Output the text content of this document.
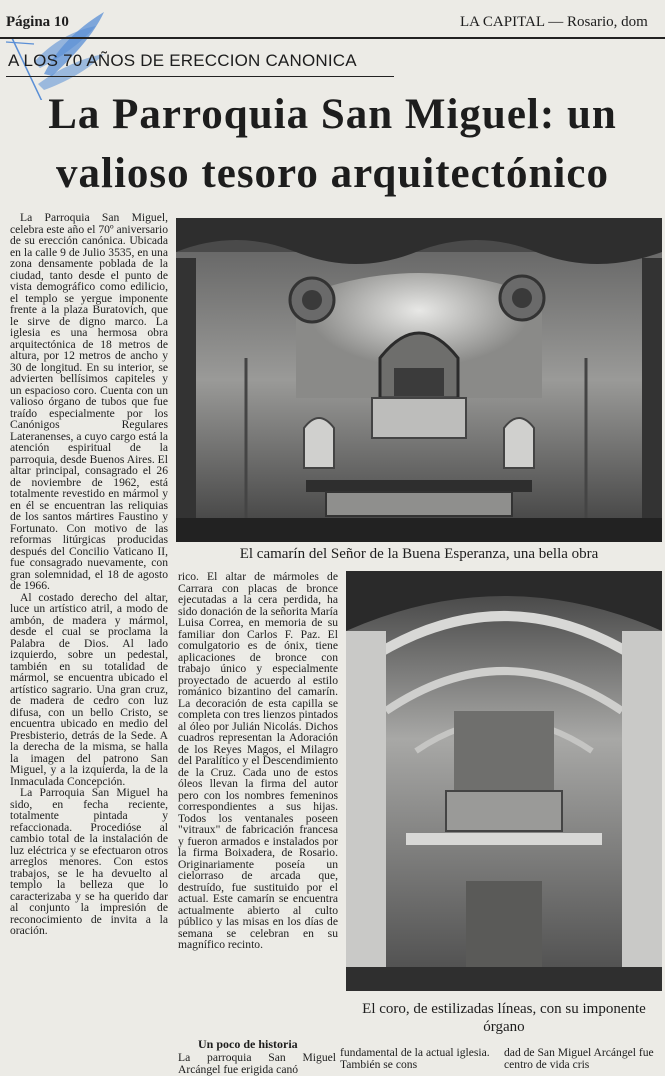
Página 10	LA CAPITAL — Rosario, dom
A LOS 70 AÑOS DE ERECCION CANONICA
La Parroquia San Miguel: un
valioso tesoro arquitectónico

La Parroquia San Miguel, celebra este año el 70º aniversario de su erección canónica. Ubicada en la calle 9 de Julio 3535, en una zona densamente poblada de la ciudad, tanto desde el punto de vista demográfico como edilicio, el templo se yergue imponente frente a la plaza Buratovich, que le sirve de digno marco. La iglesia es una hermosa obra arquitectónica de 18 metros de altura, por 12 metros de ancho y 30 de longitud. En su interior, se advierten bellísimos capiteles y un espacioso coro. Cuenta con un valioso órgano de tubos que fue traído especialmente por los Canónigos Regulares Lateranenses, a cuyo cargo está la atención espiritual de la parroquia, desde Buenos Aires. El altar principal, consagrado el 26 de noviembre de 1962, está totalmente revestido en mármol y en él se encuentran las reliquias de los santos mártires Faustino y Fortunato. Con motivo de las reformas litúrgicas producidas después del Concilio Vaticano II, fue consagrado nuevamente, con gran solemnidad, el 18 de agosto de 1966.

Al costado derecho del altar, luce un artístico atril, a modo de ambón, de madera y mármol, desde el cual se proclama la Palabra de Dios. Al lado izquierdo, sobre un pedestal, también en su totalidad de mármol, se encuentra ubicado el artístico sagrario. Una gran cruz, de madera de cedro con luz difusa, con un bello Cristo, se encuentra ubicado en medio del Presbisterio, detrás de la Sede. A la derecha de la misma, se halla la imagen del patrono San Miguel, y a la izquierda, la de la Inmaculada Concepción.

La Parroquia San Miguel ha sido, en fecha reciente, totalmente pintada y refaccionada. Procedióse al cambio total de la instalación de luz eléctrica y se efectuaron otros arreglos menores. Con estos trabajos, se le ha devuelto al templo la belleza que lo caracterizaba y se ha querido dar al conjunto la impresión de reconocimiento de invita a la oración.

El camarín del Señor de la Buena Esperanza, una bella obra

rico. El altar de mármoles de Carrara con placas de bronce ejecutadas a la cera perdida, ha sido donación de la señorita María Luisa Correa, en memoria de su familiar don Carlos F. Paz. El comulgatorio es de ónix, tiene aplicaciones de bronce con trabajo único y especialmente proyectado de acuerdo al estilo románico bizantino del camarín. La decoración de esta capilla se completa con tres lienzos pintados al óleo por Julián Nicolás. Dichos cuadros representan la Adoración de los Reyes Magos, el Milagro del Paralítico y el Descendimiento de la Cruz. Cada uno de estos óleos llevan la firma del autor pero con los nombres femeninos correspondientes a sus hijas. Todos los ventanales poseen "vitraux" de fabricación francesa y fueron armados e instalados por la firma Boixadera, de Rosario. Originariamente poseía un cielorraso de arcada que, destruído, fue sustituido por el actual. Este camarín se encuentra actualmente abierto al culto público y las misas en los días de semana se celebran en su magnífico recinto.

El coro, de estilizadas líneas, con su imponente órgano
Un poco de historia
La parroquia San Miguel Arcángel fue erigida canó
fundamental de la actual iglesia. También se cons
dad de San Miguel Arcángel fue centro de vida cris
